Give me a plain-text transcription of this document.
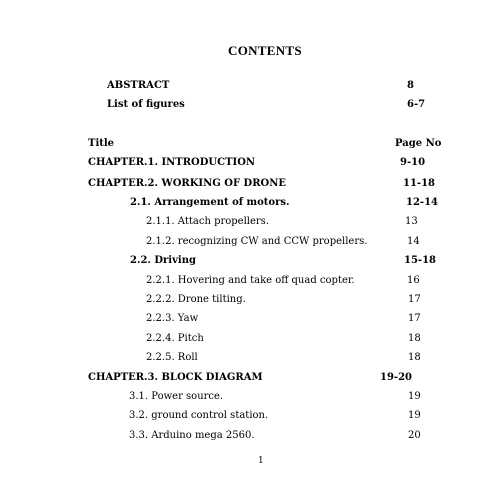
CONTENTS
ABSTRACT	8
List of figures	6-7
Title	Page No
CHAPTER.1. INTRODUCTION	9-10
CHAPTER.2. WORKING OF DRONE	11-18
2.1. Arrangement of motors.	12-14
2.1.1. Attach propellers.	13
2.1.2. recognizing CW and CCW propellers.	14
2.2. Driving	15-18
2.2.1. Hovering and take off quad copter.	16
2.2.2. Drone tilting.	17
2.2.3. Yaw	17
2.2.4. Pitch	18
2.2.5. Roll	18
CHAPTER.3. BLOCK DIAGRAM	19-20
3.1. Power source.	19
3.2. ground control station.	19
3.3. Arduino mega 2560.	20
1
